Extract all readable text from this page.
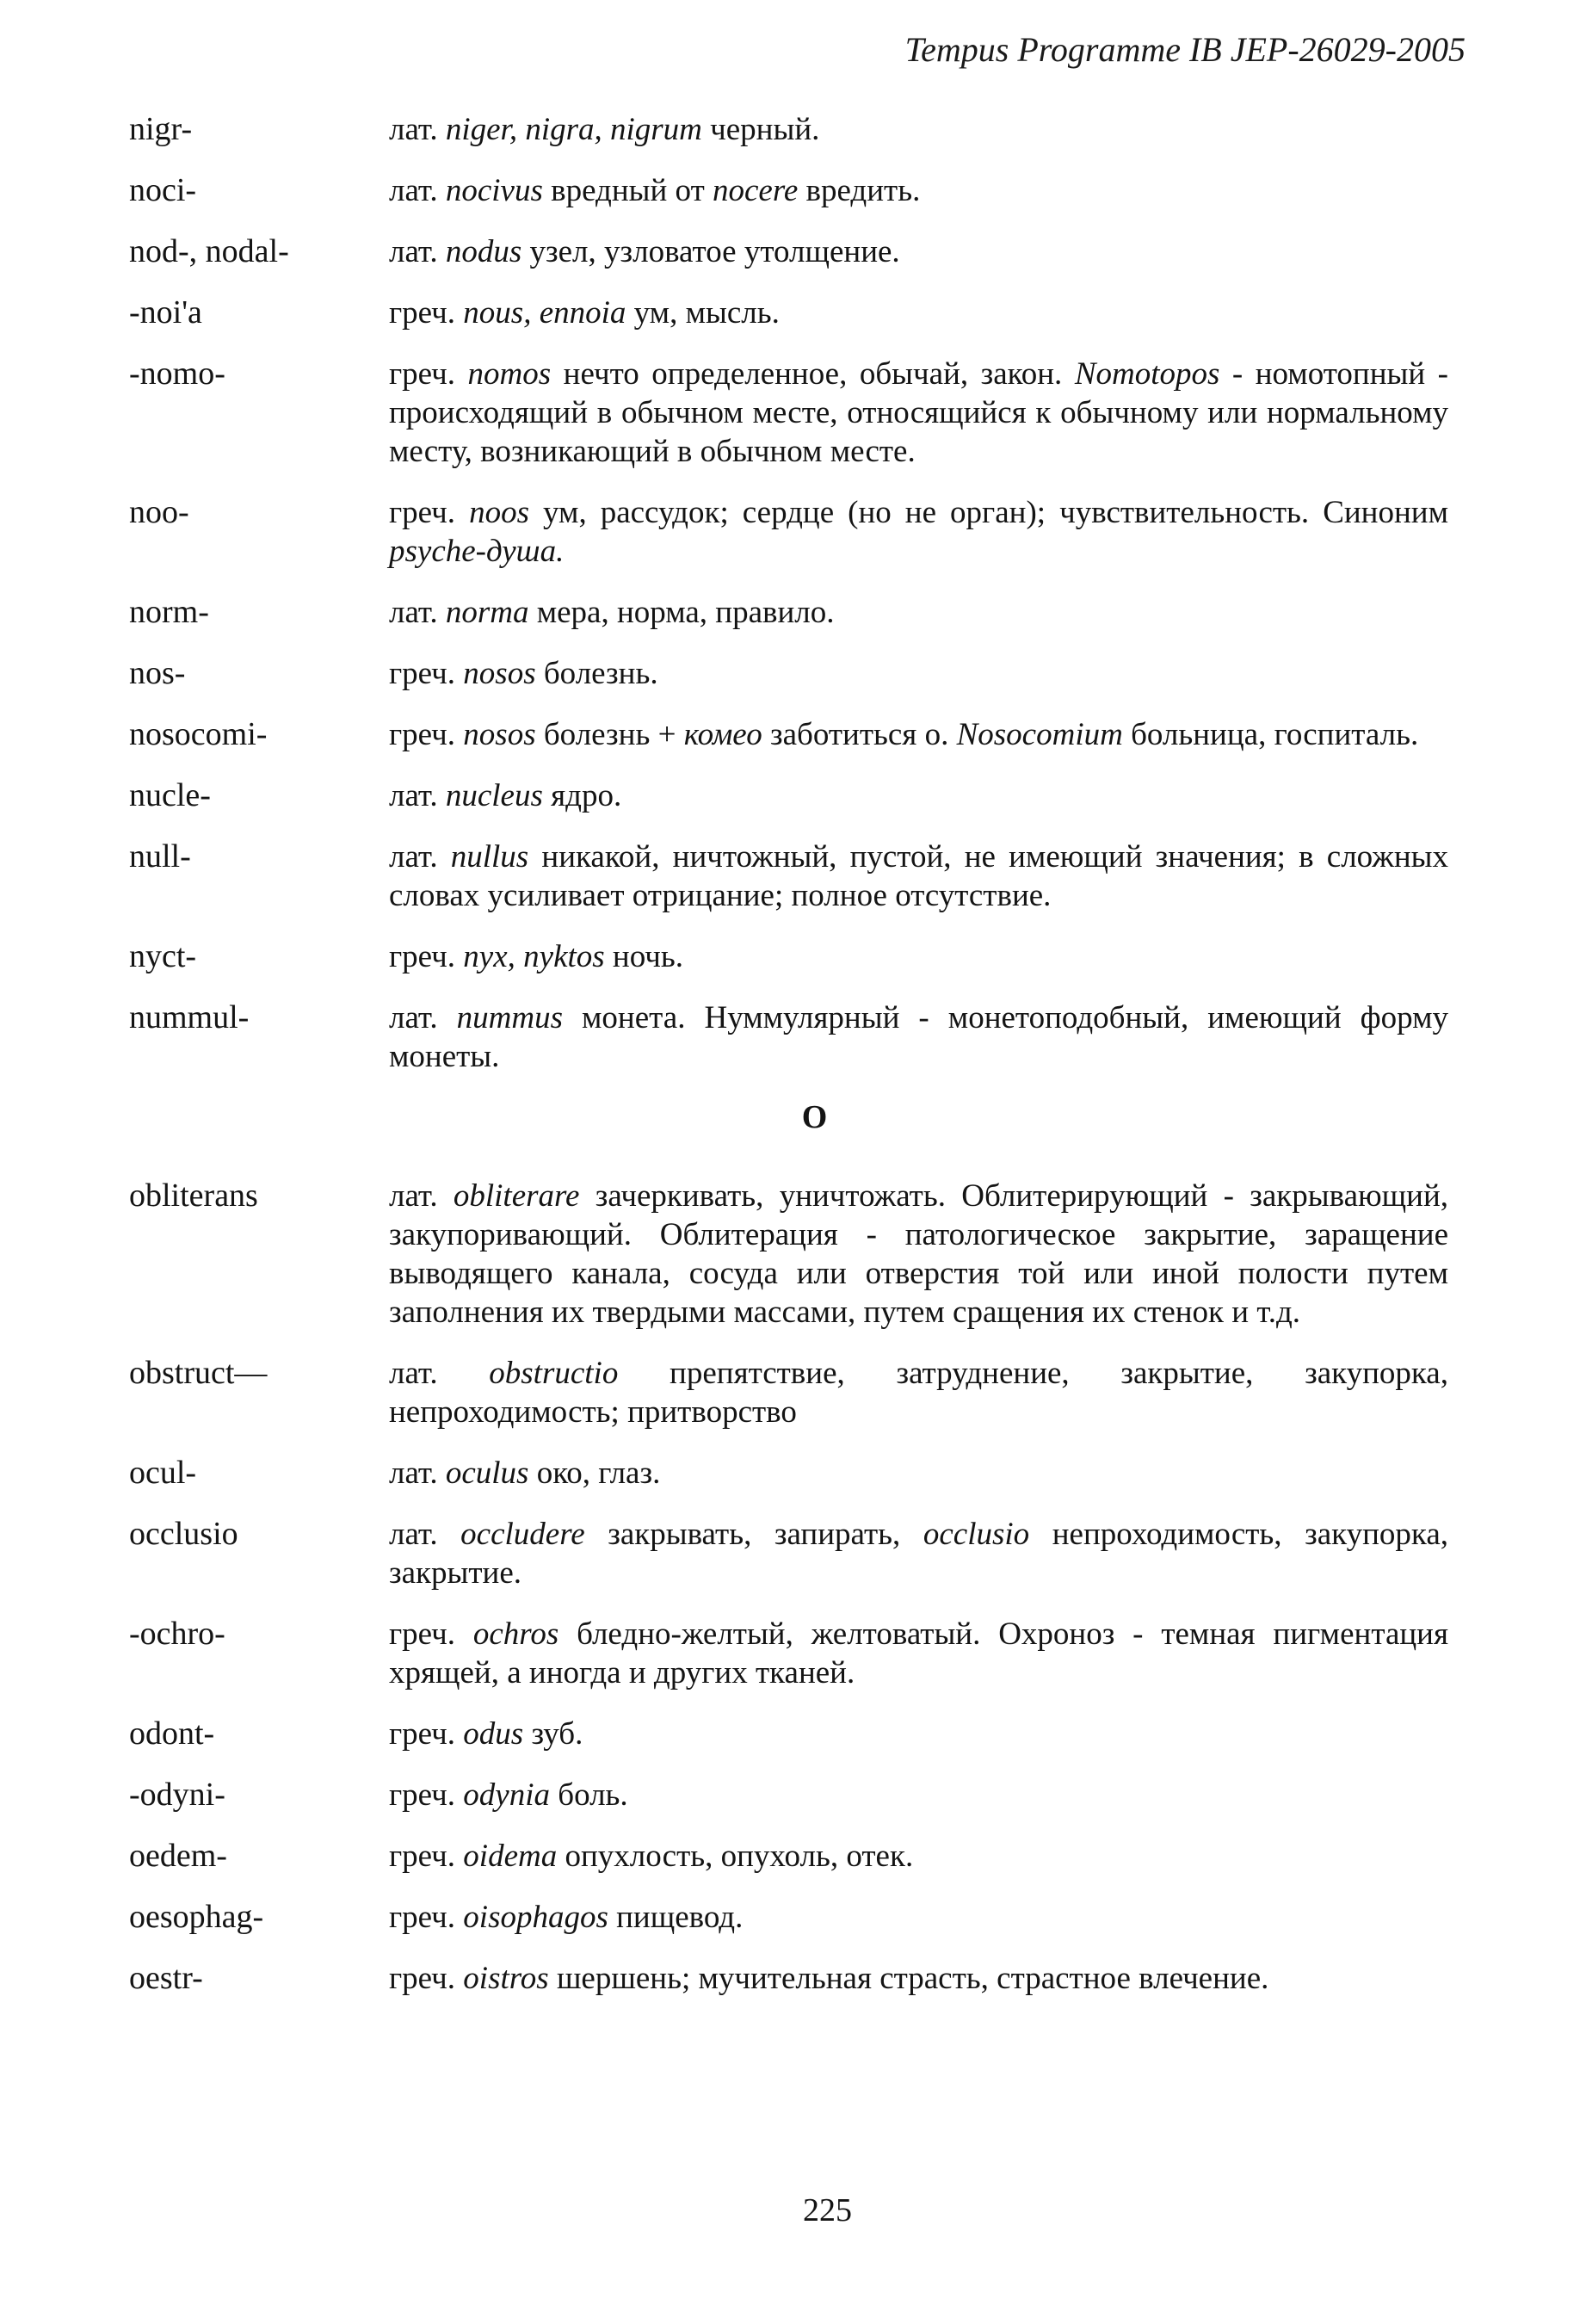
Tempus Programme IB JEP-26029-2005
nigr-	лат. niger, nigra, nigrum черный.
noci-	лат. nocivus вредный от nocere вредить.
nod-, nodal-	лат. nodus узел, узловатое утолщение.
-noi'a	греч. nous, ennoia ум, мысль.
-nomo-	греч. nomos нечто определенное, обычай, закон. Nomotopos - номотопный - происходящий в обычном месте, относящийся к обычному или нормальному месту, возникающий в обычном месте.
noo-	греч. noos ум, рассудок; сердце (но не орган); чувствительность. Синоним psyche-душа.
norm-	лат. norma мера, норма, правило.
nos-	греч. nosos болезнь.
nosocomi-	греч. nosos болезнь + комео заботиться о. Nosocomium больница, госпиталь.
nucle-	лат. nucleus ядро.
null-	лат. nullus никакой, ничтожный, пустой, не имеющий значения; в сложных словах усиливает отрицание; полное отсутствие.
nyct-	греч. nyx, nyktos ночь.
nummul-	лат. nummus монета. Нуммулярный - монетоподобный, имеющий форму монеты.
O
obliterans	лат. obliterare зачеркивать, уничтожать. Облитерирующий - закрывающий, закупоривающий. Облитерация - патологическое закрытие, заращение выводящего канала, сосуда или отверстия той или иной полости путем заполнения их твердыми массами, путем сращения их стенок и т.д.
obstruct—	лат. obstructio препятствие, затруднение, закрытие, закупорка, непроходимость; притворство
ocul-	лат. oculus око, глаз.
occlusio	лат. occludere закрывать, запирать, occlusio непроходимость, закупорка, закрытие.
-ochro-	греч. ochros бледно-желтый, желтоватый. Охроноз - темная пигментация хрящей, а иногда и других тканей.
odont-	греч. odus зуб.
-odyni-	греч. odynia боль.
oedem-	греч. oidema опухлость, опухоль, отек.
oesophag-	греч. oisophagos пищевод.
oestr-	греч. oistros шершень; мучительная страсть, страстное влечение.
225
